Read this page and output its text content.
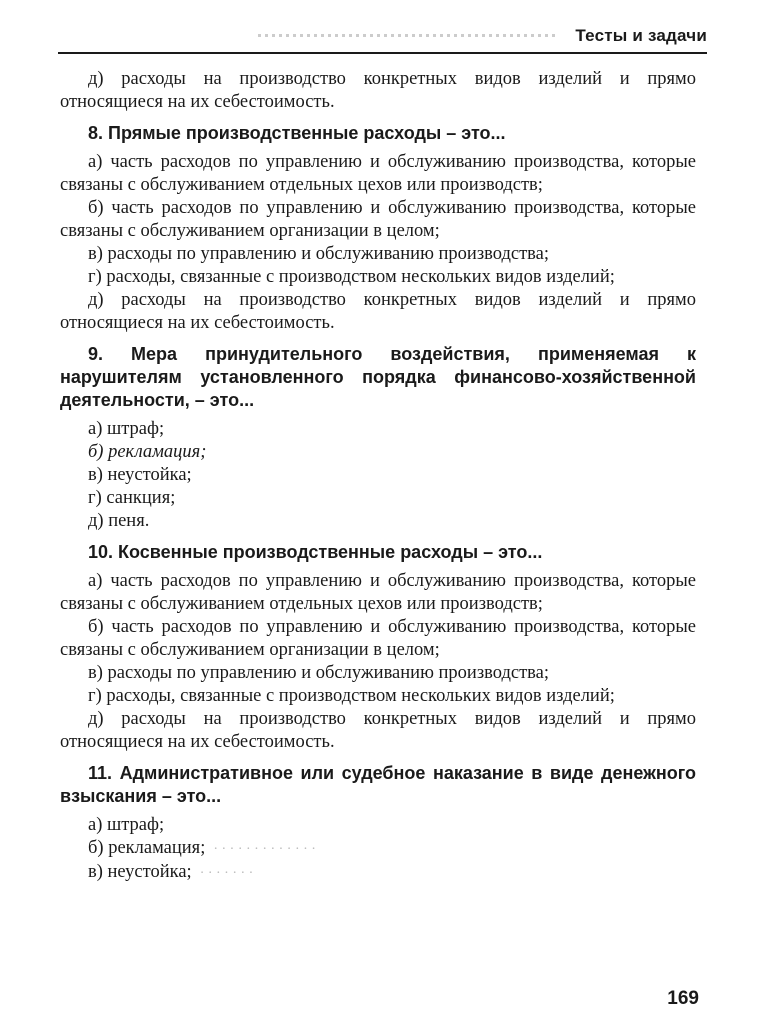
Тесты и задачи

д) расходы на производство конкретных видов изделий и прямо относящиеся на их себестоимость.

8. Прямые производственные расходы – это...

а) часть расходов по управлению и обслуживанию производства, которые связаны с обслуживанием отдельных цехов или производств;

б) часть расходов по управлению и обслуживанию производства, которые связаны с обслуживанием организации в целом;

в) расходы по управлению и обслуживанию производства;

г) расходы, связанные с производством нескольких видов изделий;

д) расходы на производство конкретных видов изделий и прямо относящиеся на их себестоимость.

9. Мера принудительного воздействия, применяемая к нарушителям установленного порядка финансово-хозяйственной деятельности, – это...

а) штраф;

б) рекламация;

в) неустойка;

г) санкция;

д) пеня.

10. Косвенные производственные расходы – это...

а) часть расходов по управлению и обслуживанию производства, которые связаны с обслуживанием отдельных цехов или производств;

б) часть расходов по управлению и обслуживанию производства, которые связаны с обслуживанием организации в целом;

в) расходы по управлению и обслуживанию производства;

г) расходы, связанные с производством нескольких видов изделий;

д) расходы на производство конкретных видов изделий и прямо относящиеся на их себестоимость.

11. Административное или судебное наказание в виде денежного взыскания – это...

а) штраф;

б) рекламация; · · · · · · · · · · · · ·

в) неустойка; · · · · · · ·

169
